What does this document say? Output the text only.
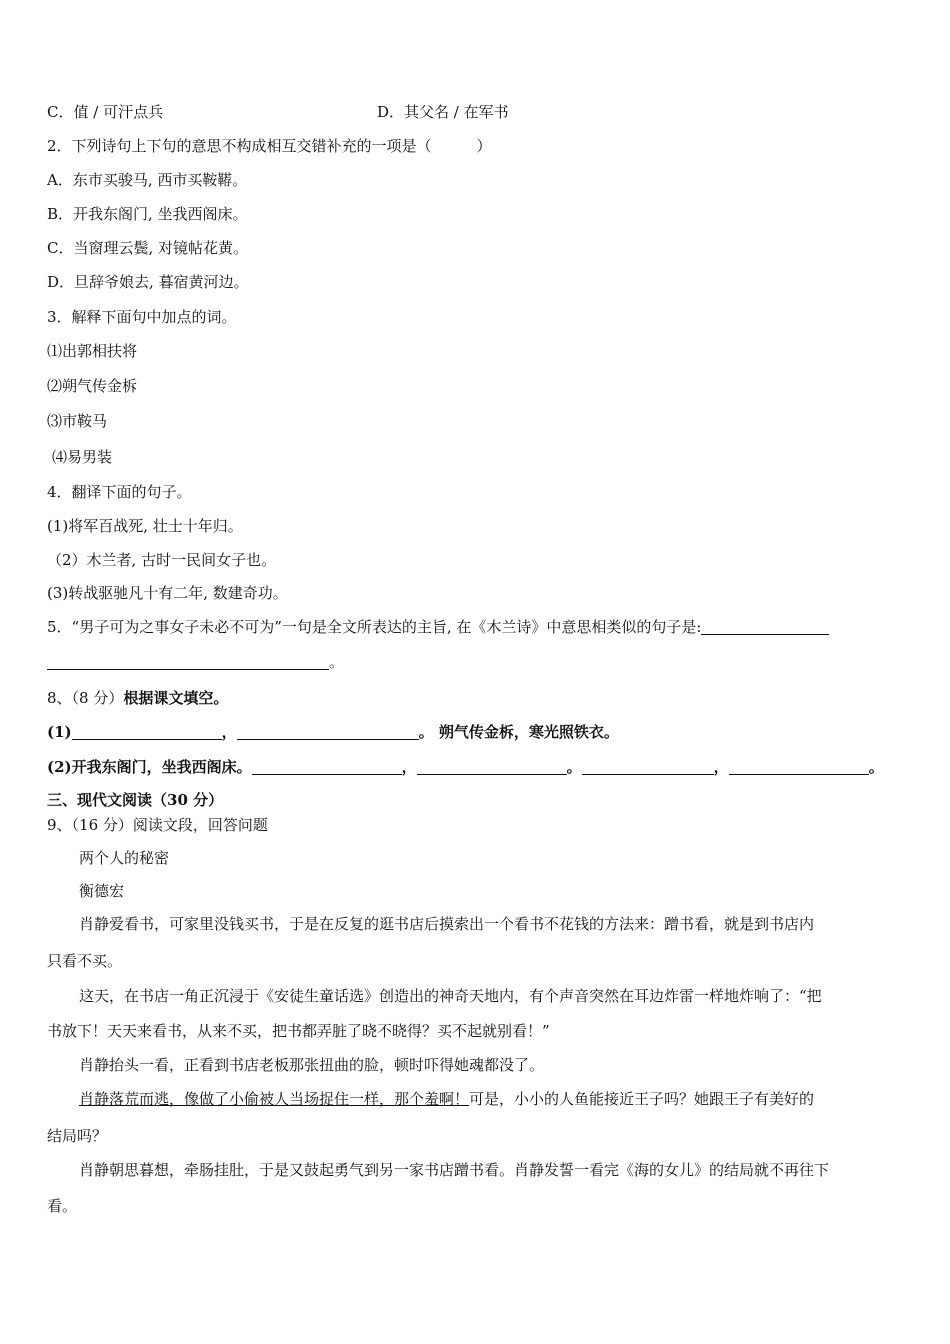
C．值 / 可汗点兵	D．其父名 / 在军书
2．下列诗句上下句的意思不构成相互交错补充的一项是（　　　）
A．东市买骏马, 西市买鞍鞯。
B．开我东阁门, 坐我西阁床。
C．当窗理云鬓, 对镜帖花黄。
D．旦辞爷娘去, 暮宿黄河边。
3．解释下面句中加点的词。
⑴出郭相扶将
⑵朔气传金柝
⑶市鞍马
⑷易男装
4．翻译下面的句子。
(1)将军百战死, 壮士十年归。
（2）木兰者, 古时一民间女子也。
(3)转战驱驰凡十有二年, 数建奇功。
5．“男子可为之事女子未必不可为”一句是全文所表达的主旨, 在《木兰诗》中意思相类似的句子是:
。
8、（8 分）根据课文填空。
(1)	，	。 朔气传金柝，寒光照铁衣。
(2)开我东阁门，坐我西阁床。	，	。	，	。
三、现代文阅读（30 分）
9、（16 分）阅读文段，回答问题
两个人的秘密
衡德宏
肖静爱看书，可家里没钱买书，于是在反复的逛书店后摸索出一个看书不花钱的方法来：蹭书看，就是到书店内
只看不买。
这天，在书店一角正沉浸于《安徒生童话选》创造出的神奇天地内，有个声音突然在耳边炸雷一样地炸响了：“把
书放下！天天来看书，从来不买，把书都弄脏了晓不晓得？买不起就别看！”
肖静抬头一看，正看到书店老板那张扭曲的脸，顿时吓得她魂都没了。
肖静落荒而逃，像做了小偷被人当场捉住一样，那个羞啊！可是，小小的人鱼能接近王子吗？她跟王子有美好的
结局吗？
肖静朝思暮想，牵肠挂肚，于是又鼓起勇气到另一家书店蹭书看。肖静发誓一看完《海的女儿》的结局就不再往下
看。
